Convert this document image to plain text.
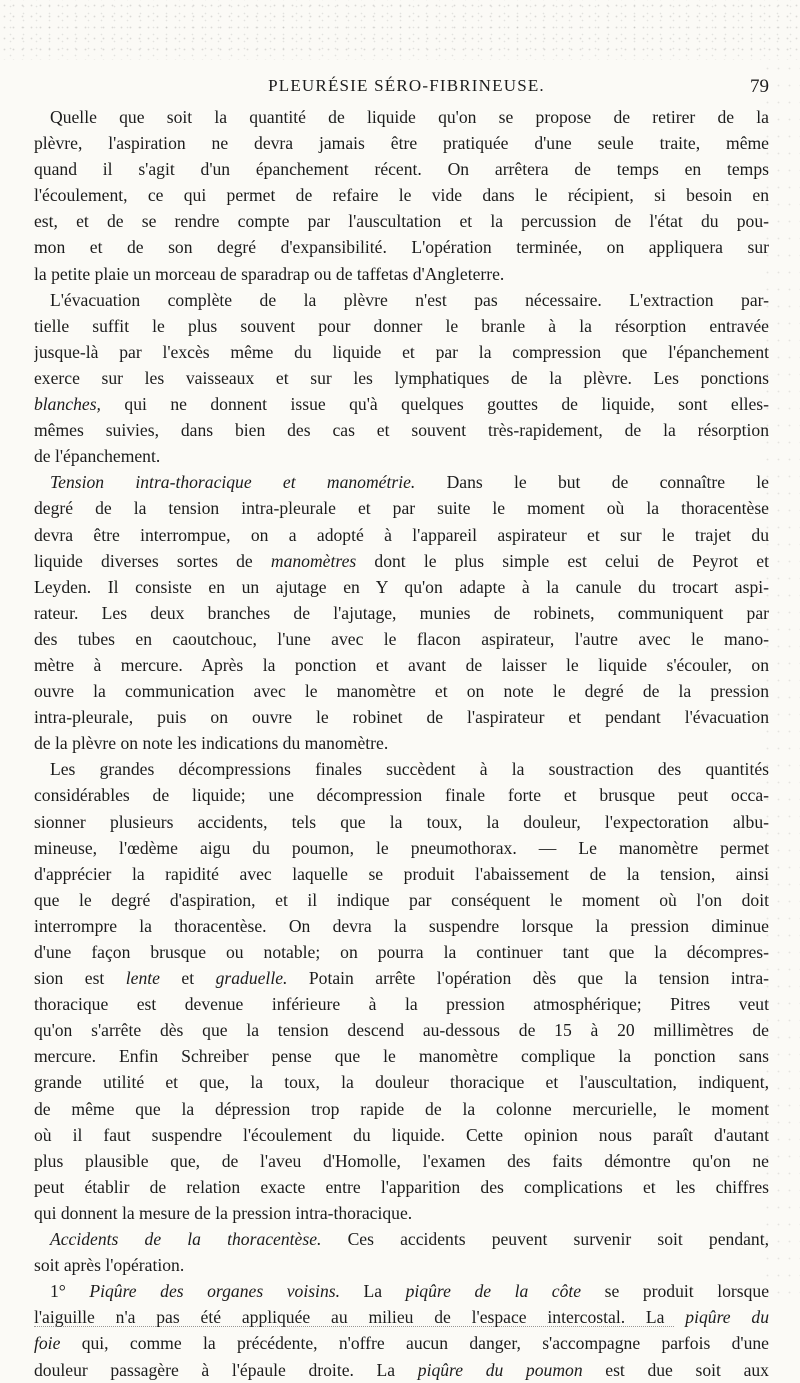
PLEURÉSIE SÉRO-FIBRINEUSE.	79
Quelle que soit la quantité de liquide qu'on se propose de retirer de la
plèvre, l'aspiration ne devra jamais être pratiquée d'une seule traite, même
quand il s'agit d'un épanchement récent. On arrêtera de temps en temps
l'écoulement, ce qui permet de refaire le vide dans le récipient, si besoin en
est, et de se rendre compte par l'auscultation et la percussion de l'état du pou-
mon et de son degré d'expansibilité. L'opération terminée, on appliquera sur
la petite plaie un morceau de sparadrap ou de taffetas d'Angleterre.
L'évacuation complète de la plèvre n'est pas nécessaire. L'extraction par-
tielle suffit le plus souvent pour donner le branle à la résorption entravée
jusque-là par l'excès même du liquide et par la compression que l'épanchement
exerce sur les vaisseaux et sur les lymphatiques de la plèvre. Les ponctions
blanches, qui ne donnent issue qu'à quelques gouttes de liquide, sont elles-
mêmes suivies, dans bien des cas et souvent très-rapidement, de la résorption
de l'épanchement.
Tension intra-thoracique et manométrie. Dans le but de connaître le
degré de la tension intra-pleurale et par suite le moment où la thoracentèse
devra être interrompue, on a adopté à l'appareil aspirateur et sur le trajet du
liquide diverses sortes de manomètres dont le plus simple est celui de Peyrot et
Leyden. Il consiste en un ajutage en Y qu'on adapte à la canule du trocart aspi-
rateur. Les deux branches de l'ajutage, munies de robinets, communiquent par
des tubes en caoutchouc, l'une avec le flacon aspirateur, l'autre avec le mano-
mètre à mercure. Après la ponction et avant de laisser le liquide s'écouler, on
ouvre la communication avec le manomètre et on note le degré de la pression
intra-pleurale, puis on ouvre le robinet de l'aspirateur et pendant l'évacuation
de la plèvre on note les indications du manomètre.
Les grandes décompressions finales succèdent à la soustraction des quantités
considérables de liquide; une décompression finale forte et brusque peut occa-
sionner plusieurs accidents, tels que la toux, la douleur, l'expectoration albu-
mineuse, l'œdème aigu du poumon, le pneumothorax. — Le manomètre permet
d'apprécier la rapidité avec laquelle se produit l'abaissement de la tension, ainsi
que le degré d'aspiration, et il indique par conséquent le moment où l'on doit
interrompre la thoracentèse. On devra la suspendre lorsque la pression diminue
d'une façon brusque ou notable; on pourra la continuer tant que la décompres-
sion est lente et graduelle. Potain arrête l'opération dès que la tension intra-
thoracique est devenue inférieure à la pression atmosphérique; Pitres veut
qu'on s'arrête dès que la tension descend au-dessous de 15 à 20 millimètres de
mercure. Enfin Schreiber pense que le manomètre complique la ponction sans
grande utilité et que, la toux, la douleur thoracique et l'auscultation, indiquent,
de même que la dépression trop rapide de la colonne mercurielle, le moment
où il faut suspendre l'écoulement du liquide. Cette opinion nous paraît d'autant
plus plausible que, de l'aveu d'Homolle, l'examen des faits démontre qu'on ne
peut établir de relation exacte entre l'apparition des complications et les chiffres
qui donnent la mesure de la pression intra-thoracique.
Accidents de la thoracentèse. Ces accidents peuvent survenir soit pendant,
soit après l'opération.
1° Piqûre des organes voisins. La piqûre de la côte se produit lorsque
l'aiguille n'a pas été appliquée au milieu de l'espace intercostal. La piqûre du
foie qui, comme la précédente, n'offre aucun danger, s'accompagne parfois d'une
douleur passagère à l'épaule droite. La piqûre du poumon est due soit aux
